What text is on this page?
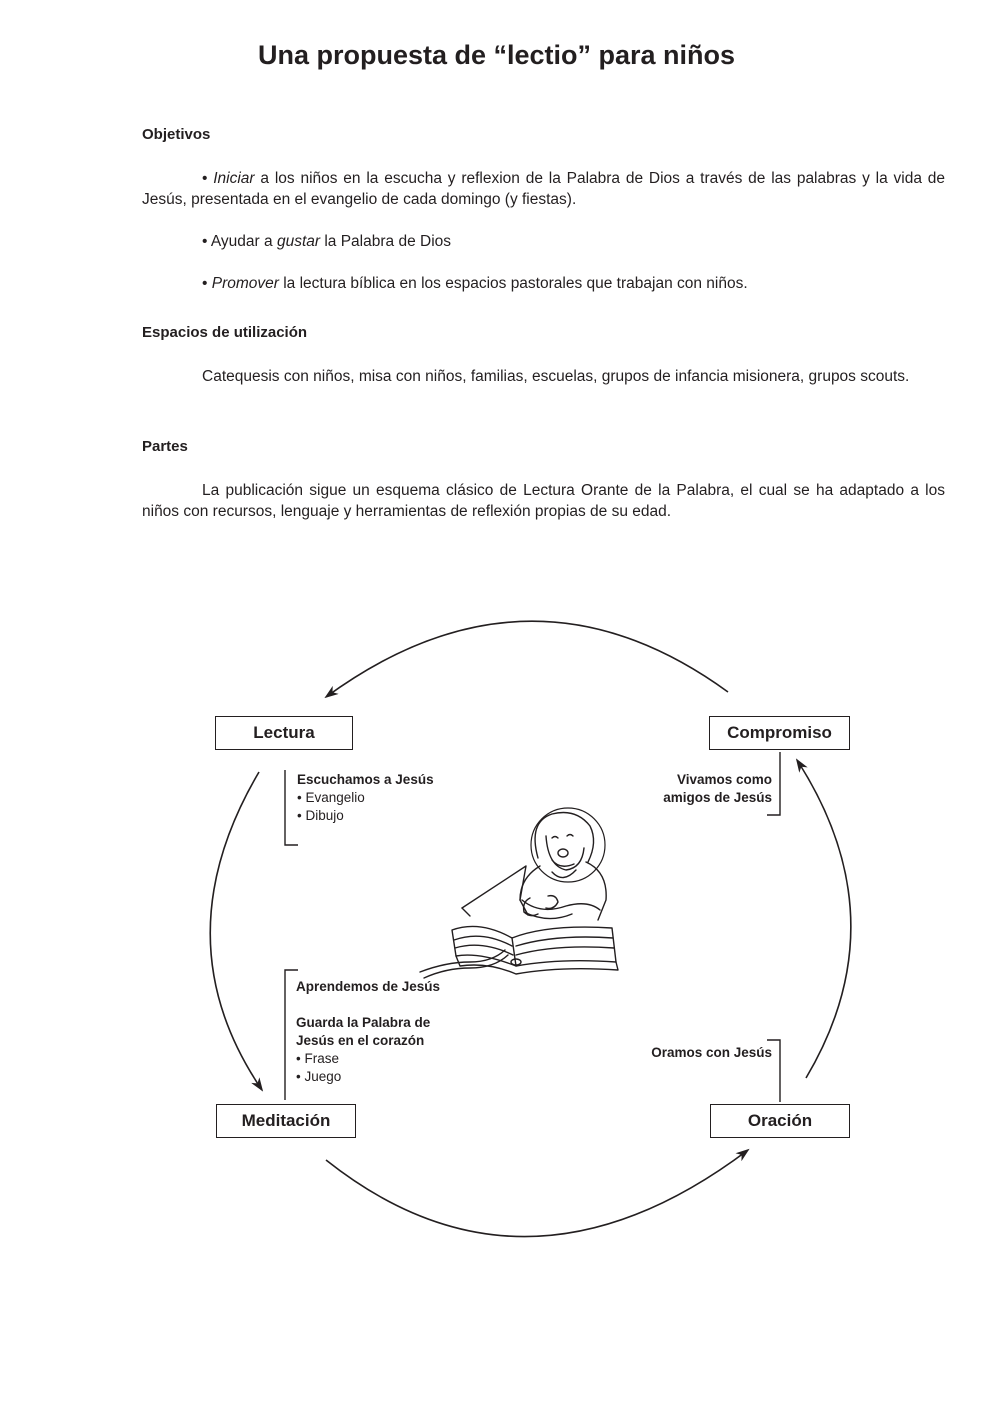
Una propuesta de “lectio” para niños
Objetivos
• Iniciar a los niños en la escucha y reflexion de la Palabra de Dios a través de las palabras y la vida de Jesús, presentada en el evangelio de cada domingo (y fiestas).
• Ayudar a gustar la Palabra de Dios
• Promover la lectura bíblica en los espacios pastorales que trabajan con niños.
Espacios de utilización
Catequesis con niños, misa con niños, familias, escuelas, grupos de infancia misionera, grupos scouts.
Partes
La publicación sigue un esquema clásico de Lectura Orante de la Palabra, el cual se ha adaptado a los niños con recursos, lenguaje y herramientas de reflexión propias de su edad.
Lectura	Compromiso
Meditación	Oración
Escuchamos a Jesús
• Evangelio
• Dibujo
Vivamos como
amigos de Jesús
Aprendemos de Jesús
Guarda la Palabra de
Jesús en el corazón
• Frase
• Juego
Oramos con Jesús
